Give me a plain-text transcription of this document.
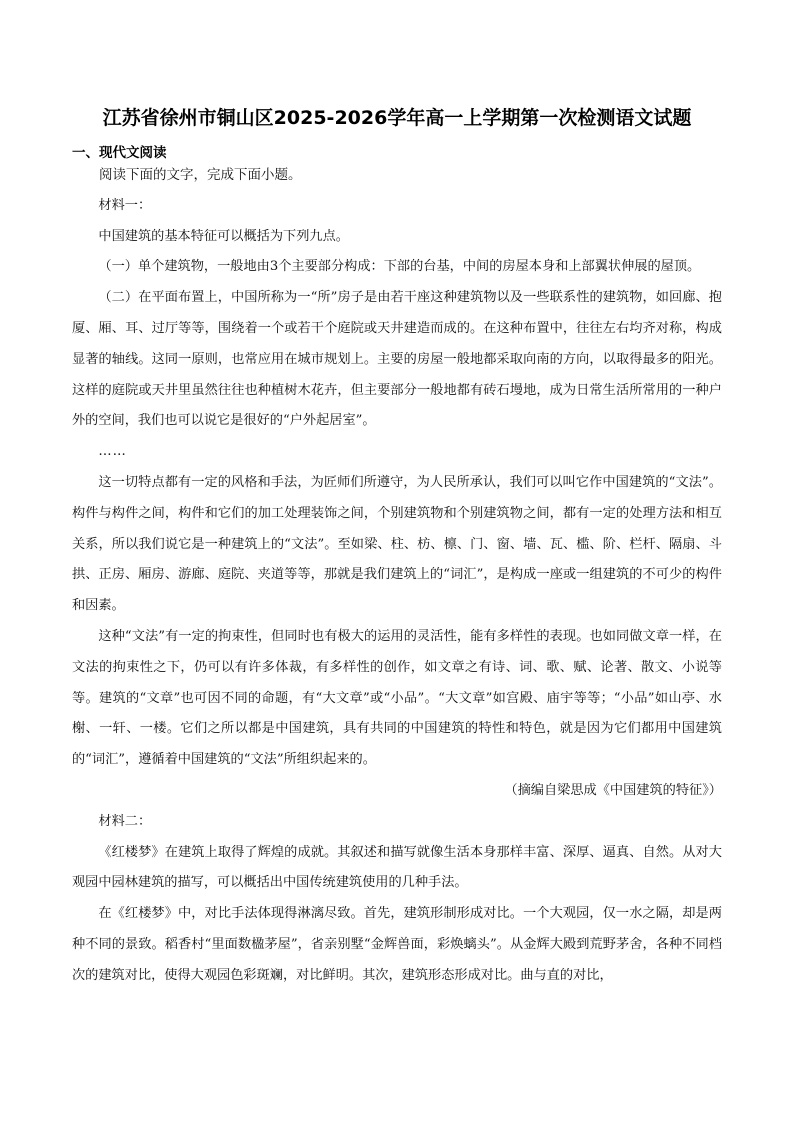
江苏省徐州市铜山区2025-2026学年高一上学期第一次检测语文试题
一、现代文阅读

阅读下面的文字，完成下面小题。

材料一：

中国建筑的基本特征可以概括为下列九点。

（一）单个建筑物，一般地由3个主要部分构成：下部的台基，中间的房屋本身和上部翼状伸展的屋顶。

（二）在平面布置上，中国所称为一“所”房子是由若干座这种建筑物以及一些联系性的建筑物，如回廊、抱厦、厢、耳、过厅等等，围绕着一个或若干个庭院或天井建造而成的。在这种布置中，往往左右均齐对称，构成显著的轴线。这同一原则，也常应用在城市规划上。主要的房屋一般地都采取向南的方向，以取得最多的阳光。这样的庭院或天井里虽然往往也种植树木花卉，但主要部分一般地都有砖石墁地，成为日常生活所常用的一种户外的空间，我们也可以说它是很好的“户外起居室”。

……

这一切特点都有一定的风格和手法，为匠师们所遵守，为人民所承认，我们可以叫它作中国建筑的“文法”。构件与构件之间，构件和它们的加工处理装饰之间，个别建筑物和个别建筑物之间，都有一定的处理方法和相互关系，所以我们说它是一种建筑上的“文法”。至如梁、柱、枋、檩、门、窗、墙、瓦、槛、阶、栏杆、隔扇、斗拱、正房、厢房、游廊、庭院、夹道等等，那就是我们建筑上的“词汇”，是构成一座或一组建筑的不可少的构件和因素。

这种“文法”有一定的拘束性，但同时也有极大的运用的灵活性，能有多样性的表现。也如同做文章一样，在文法的拘束性之下，仍可以有许多体裁，有多样性的创作，如文章之有诗、词、歌、赋、论著、散文、小说等等。建筑的“文章”也可因不同的命题，有“大文章”或“小品”。“大文章”如宫殿、庙宇等等；“小品”如山亭、水榭、一轩、一楼。它们之所以都是中国建筑，具有共同的中国建筑的特性和特色，就是因为它们都用中国建筑的“词汇”，遵循着中国建筑的“文法”所组织起来的。

（摘编自梁思成《中国建筑的特征》）

材料二：

《红楼梦》在建筑上取得了辉煌的成就。其叙述和描写就像生活本身那样丰富、深厚、逼真、自然。从对大观园中园林建筑的描写，可以概括出中国传统建筑使用的几种手法。

在《红楼梦》中，对比手法体现得淋漓尽致。首先，建筑形制形成对比。一个大观园，仅一水之隔，却是两种不同的景致。稻香村“里面数楹茅屋”，省亲别墅“金辉兽面，彩焕螭头”。从金辉大殿到荒野茅舍，各种不同档次的建筑对比，使得大观园色彩斑斓，对比鲜明。其次，建筑形态形成对比。曲与直的对比，
